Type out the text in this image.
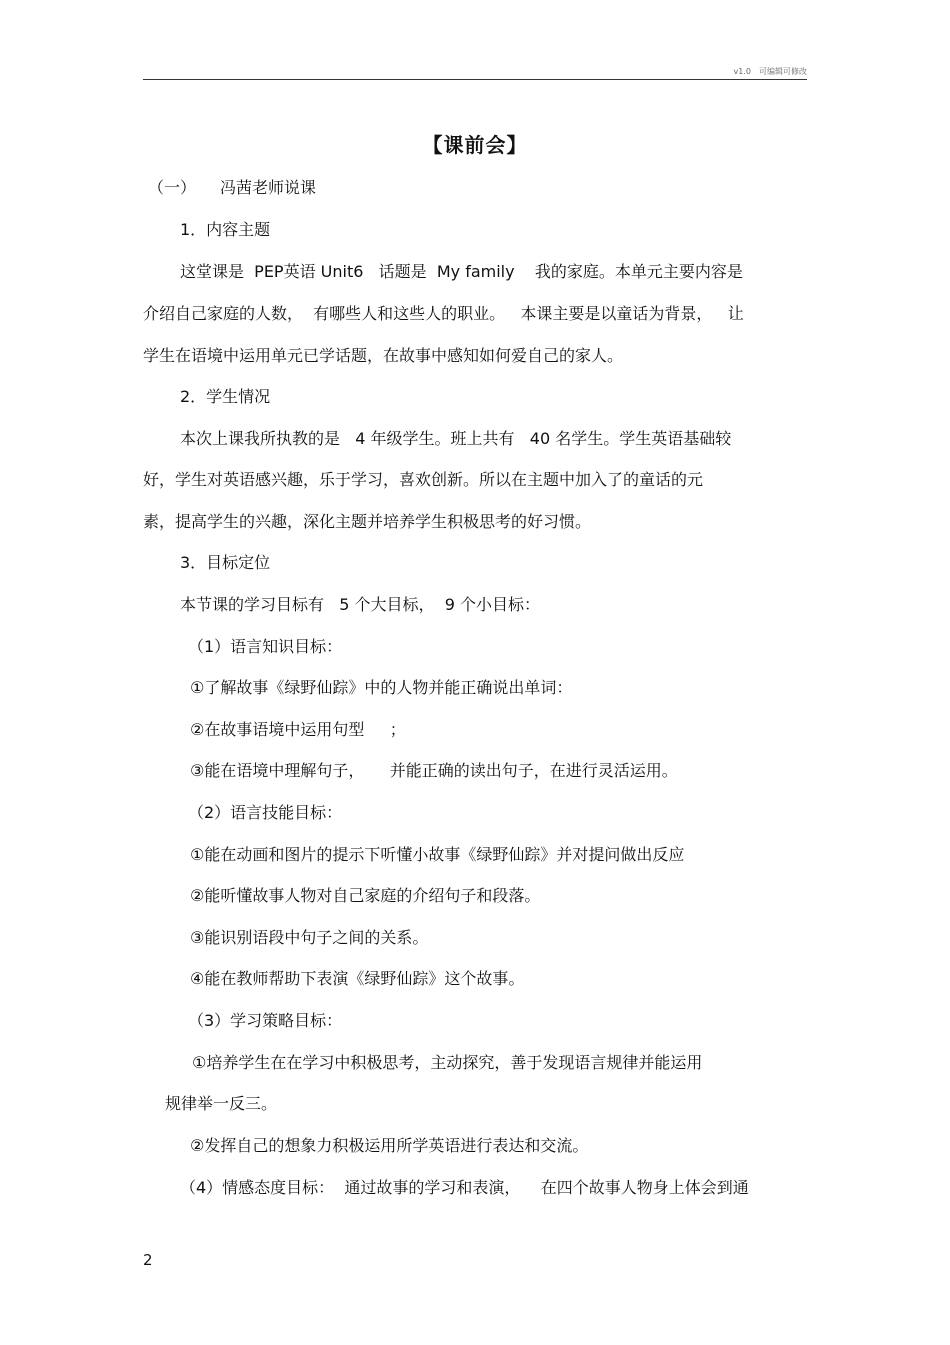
v1.0　可编辑可修改
【课前会】
（一）　　冯茜老师说课
1．内容主题
这堂课是  PEP英语 Unit6   话题是  My family    我的家庭。本单元主要内容是
介绍自己家庭的人数，  有哪些人和这些人的职业。   本课主要是以童话为背景，   让
学生在语境中运用单元已学话题，在故事中感知如何爱自己的家人。
2．学生情况
本次上课我所执教的是   4 年级学生。班上共有   40 名学生。学生英语基础较
好，学生对英语感兴趣，乐于学习，喜欢创新。所以在主题中加入了的童话的元
素，提高学生的兴趣，深化主题并培养学生积极思考的好习惯。
3．目标定位
本节课的学习目标有   5 个大目标，  9 个小目标：
（1）语言知识目标：
①了解故事《绿野仙踪》中的人物并能正确说出单词：
②在故事语境中运用句型     ；
③能在语境中理解句子，     并能正确的读出句子，在进行灵活运用。
（2）语言技能目标：
①能在动画和图片的提示下听懂小故事《绿野仙踪》并对提问做出反应
②能听懂故事人物对自己家庭的介绍句子和段落。
③能识别语段中句子之间的关系。
④能在教师帮助下表演《绿野仙踪》这个故事。
（3）学习策略目标：
①培养学生在在学习中积极思考，主动探究，善于发现语言规律并能运用
规律举一反三。
②发挥自己的想象力积极运用所学英语进行表达和交流。
（4）情感态度目标：  通过故事的学习和表演，    在四个故事人物身上体会到通
2
